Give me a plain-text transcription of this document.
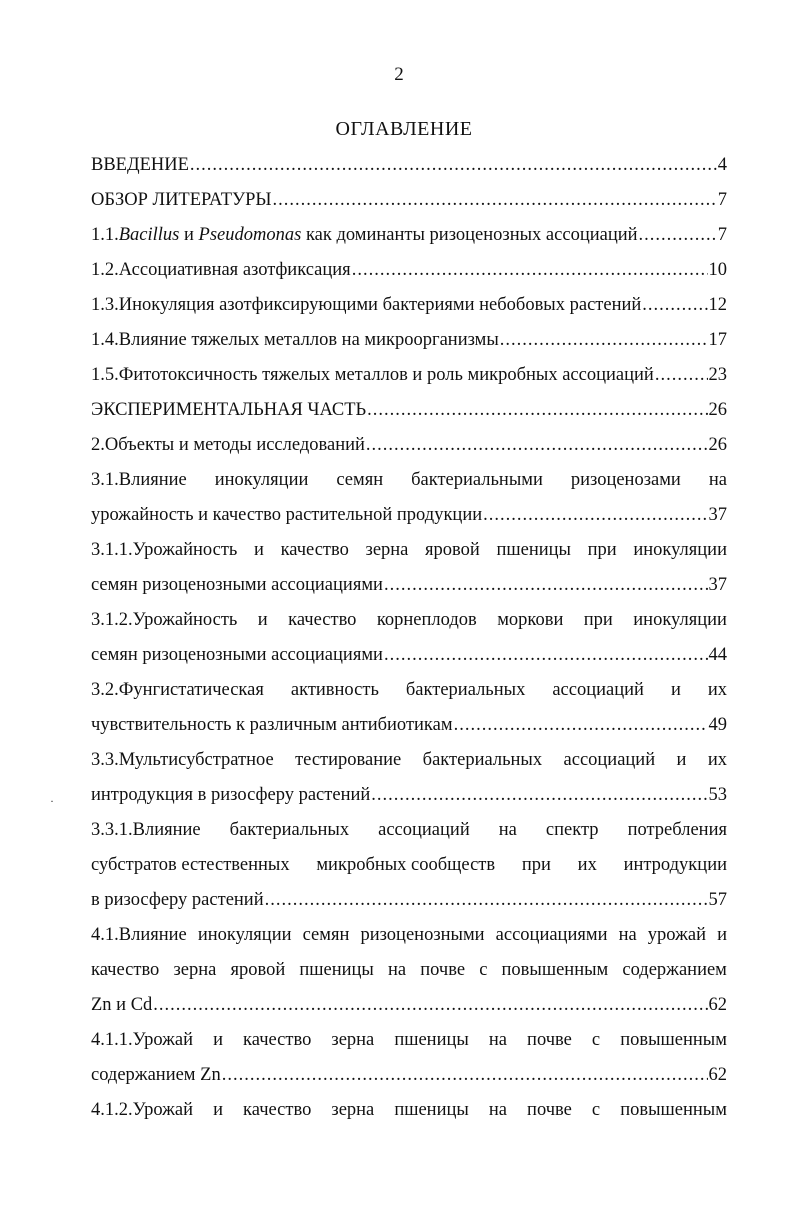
2
ОГЛАВЛЕНИЕ
·
ВВЕДЕНИЕ .....	4
ОБЗОР ЛИТЕРАТУРЫ .....	7
1.1.Bacillus и Pseudomonas как доминанты ризоценозных ассоциаций .....	7
1.2.Ассоциативная азотфиксация .....	10
1.3.Инокуляция азотфиксирующими бактериями небобовых растений .....	12
1.4.Влияние тяжелых металлов на микроорганизмы .....	17
1.5.Фитотоксичность тяжелых металлов и роль микробных ассоциаций .....	23
ЭКСПЕРИМЕНТАЛЬНАЯ ЧАСТЬ .....	26
2.Объекты и методы исследований .....	26
3.1.Влияние инокуляции семян бактериальными ризоценозами на
урожайность и качество растительной продукции .....	37
3.1.1.Урожайность и качество зерна яровой пшеницы при инокуляции
семян ризоценозными ассоциациями .....	37
3.1.2.Урожайность и качество корнеплодов моркови при инокуляции
семян ризоценозными ассоциациями .....	44
3.2.Фунгистатическая активность бактериальных ассоциаций и их
чувствительность к различным антибиотикам .....	49
3.3.Мультисубстратное тестирование бактериальных ассоциаций и их
интродукция в ризосферу растений .....	53
3.3.1.Влияние бактериальных ассоциаций на спектр потребления
субстратов естественных микробных сообществ при их интродукции
в ризосферу растений .....	57
4.1.Влияние инокуляции семян ризоценозными ассоциациями на урожай и
качество зерна яровой пшеницы на почве с повышенным содержанием
Zn и Cd .....	62
4.1.1.Урожай и качество зерна пшеницы на почве с повышенным
содержанием Zn .....	62
4.1.2.Урожай и качество зерна пшеницы на почве с повышенным
